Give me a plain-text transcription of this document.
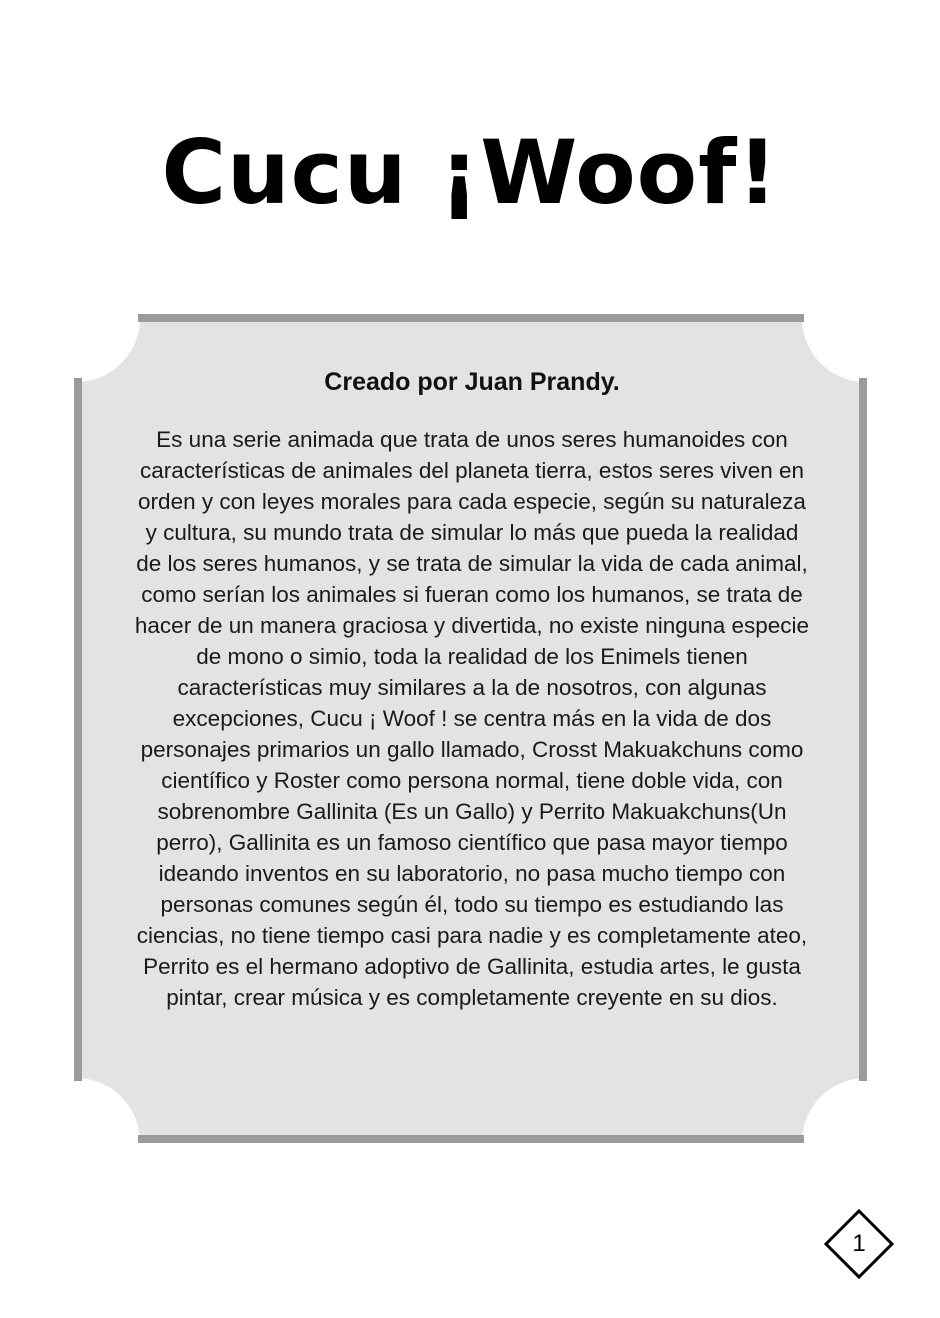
Cucu ¡Woof!

Creado por Juan Prandy.

Es una serie animada que trata de unos seres humanoides con características de animales del planeta tierra, estos seres viven en orden y con leyes morales para cada especie, según su naturaleza y cultura, su mundo trata de simular lo más que pueda la realidad de los seres humanos, y se trata de simular la vida de cada animal, como serían los animales si fueran como los humanos, se trata de hacer de un manera graciosa y divertida, no existe ninguna especie de mono o simio, toda la realidad de los Enimels tienen características muy similares a la de nosotros, con algunas excepciones, Cucu ¡ Woof ! se centra más en la vida de dos personajes primarios un gallo llamado, Crosst Makuakchuns como científico y Roster como persona normal, tiene doble vida, con sobrenombre Gallinita (Es un Gallo) y Perrito Makuakchuns(Un perro), Gallinita es un famoso científico que pasa mayor tiempo ideando inventos en su laboratorio, no pasa mucho tiempo con personas comunes según él, todo su tiempo es estudiando las ciencias, no tiene tiempo casi para nadie y es completamente ateo, Perrito es el hermano adoptivo de Gallinita, estudia artes, le gusta pintar, crear música y es completamente creyente en su dios.

1
